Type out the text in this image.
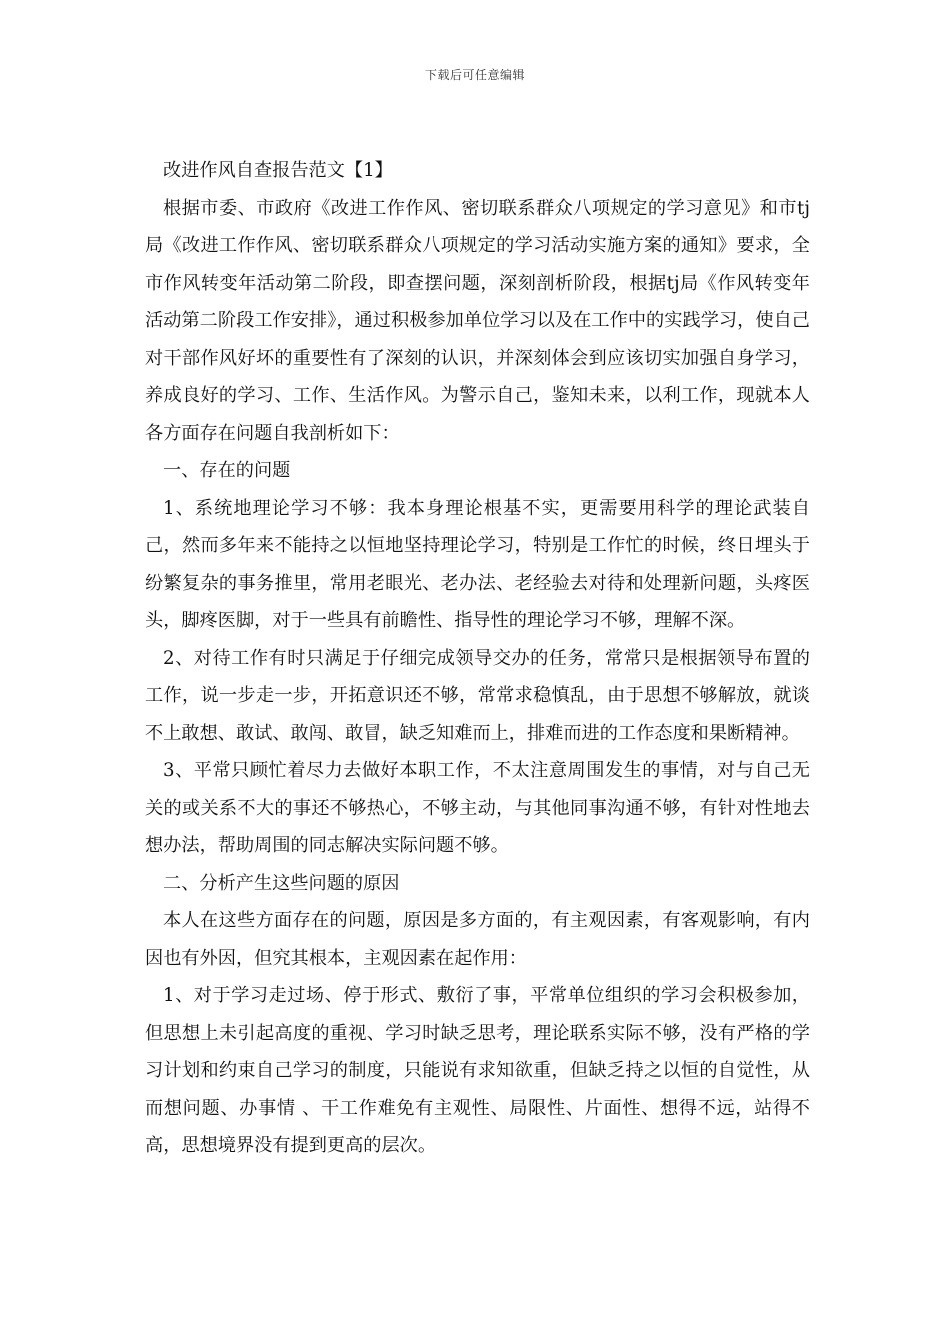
下载后可任意编辑

改进作风自查报告范文【1】

根据市委、市政府《改进工作作风、密切联系群众八项规定的学习意见》和市tj局《改进工作作风、密切联系群众八项规定的学习活动实施方案的通知》要求，全市作风转变年活动第二阶段，即查摆问题，深刻剖析阶段，根据tj局《作风转变年活动第二阶段工作安排》，通过积极参加单位学习以及在工作中的实践学习，使自己对干部作风好坏的重要性有了深刻的认识，并深刻体会到应该切实加强自身学习，养成良好的学习、工作、生活作风。为警示自己，鉴知未来，以利工作，现就本人各方面存在问题自我剖析如下：

一、存在的问题

1、系统地理论学习不够：我本身理论根基不实，更需要用科学的理论武装自己，然而多年来不能持之以恒地坚持理论学习，特别是工作忙的时候，终日埋头于纷繁复杂的事务推里，常用老眼光、老办法、老经验去对待和处理新问题，头疼医头，脚疼医脚，对于一些具有前瞻性、指导性的理论学习不够，理解不深。

2、对待工作有时只满足于仔细完成领导交办的任务，常常只是根据领导布置的工作，说一步走一步，开拓意识还不够，常常求稳慎乱，由于思想不够解放，就谈不上敢想、敢试、敢闯、敢冒，缺乏知难而上，排难而进的工作态度和果断精神。

3、平常只顾忙着尽力去做好本职工作，不太注意周围发生的事情，对与自己无关的或关系不大的事还不够热心，不够主动，与其他同事沟通不够，有针对性地去想办法，帮助周围的同志解决实际问题不够。

二、分析产生这些问题的原因

本人在这些方面存在的问题，原因是多方面的，有主观因素，有客观影响，有内因也有外因，但究其根本，主观因素在起作用：

1、对于学习走过场、停于形式、敷衍了事，平常单位组织的学习会积极参加，但思想上未引起高度的重视、学习时缺乏思考，理论联系实际不够，没有严格的学习计划和约束自己学习的制度，只能说有求知欲重，但缺乏持之以恒的自觉性，从而想问题、办事情 、干工作难免有主观性、局限性、片面性、想得不远，站得不高，思想境界没有提到更高的层次。
